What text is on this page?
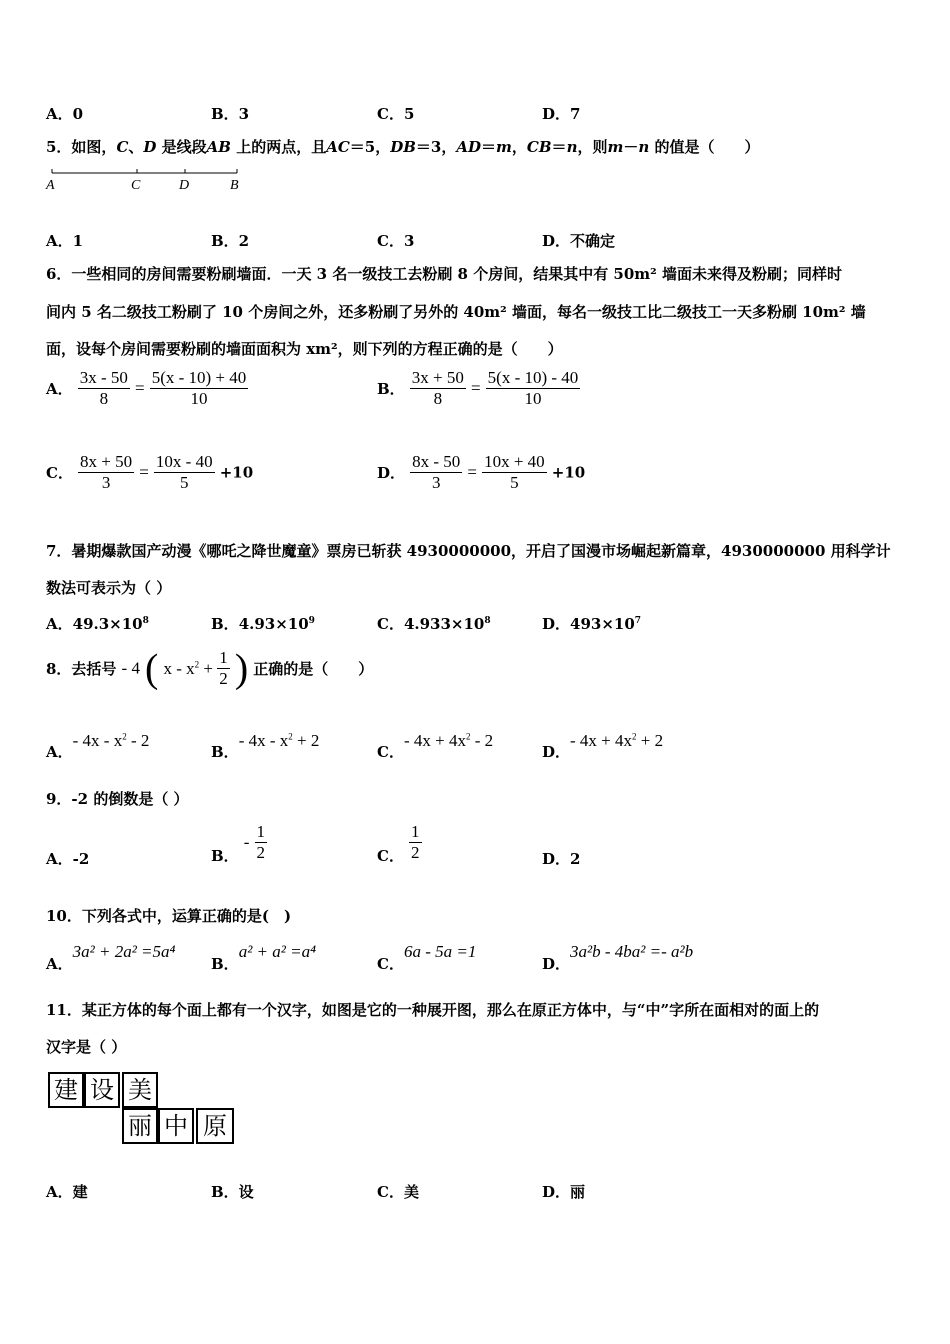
A．0	B．3	C．5	D．7
5．如图，C、D 是线段AB 上的两点，且AC＝5，DB＝3，AD＝m，CB＝n，则m－n 的值是（　　）
A	C	D	B
A．1	B．2	C．3	D．不确定
6．一些相同的房间需要粉刷墙面．一天 3 名一级技工去粉刷 8 个房间，结果其中有 50m² 墙面未来得及粉刷；同样时
间内 5 名二级技工粉刷了 10 个房间之外，还多粉刷了另外的 40m² 墙面，每名一级技工比二级技工一天多粉刷 10m² 墙
面，设每个房间需要粉刷的墙面面积为 xm²，则下列的方程正确的是（　　）
A． $\frac{3x - 50}{8} = \frac{5(x - 10) + 40}{10}$	B． $\frac{3x + 50}{8} = \frac{5(x - 10) - 40}{10}$
C． $\frac{8x + 50}{3} = \frac{10x - 40}{5} +10$	D． $\frac{8x - 50}{3} = \frac{10x + 40}{5} +10$
7．暑期爆款国产动漫《哪吒之降世魔童》票房已斩获 4930000000，开启了国漫市场崛起新篇章，4930000000 用科学计
数法可表示为（ ）
A．$49.3\times 10^8$	B．$4.93\times 10^9$	C．$4.933\times 10^8$	D．$493\times 10^7$
8．去括号 - 4 ( $x - x^2 + \frac{1}{2}$ ) 正确的是（　　）
A．- $4x - x^2 - 2$
B．- $4x - x^2 + 2$
C．- $4x + 4x^2 - 2$
D．- $4x + 4x^2 + 2$
9．-2 的倒数是（ ）
A．-2	B． - $\frac{1}{2}$	C． $\frac{1}{2}$	D．2
10．下列各式中，运算正确的是(　)
A．3a² + 2a² =5a⁴
B．a² + a² =a⁴
C．6a - 5a =1
D．3a²b - 4ba² =- a²b
11．某正方体的每个面上都有一个汉字，如图是它的一种展开图，那么在原正方体中，与“中”字所在面相对的面上的
汉字是（ ）
建 设 美
丽 中 原
A．建	B．设	C．美	D．丽
